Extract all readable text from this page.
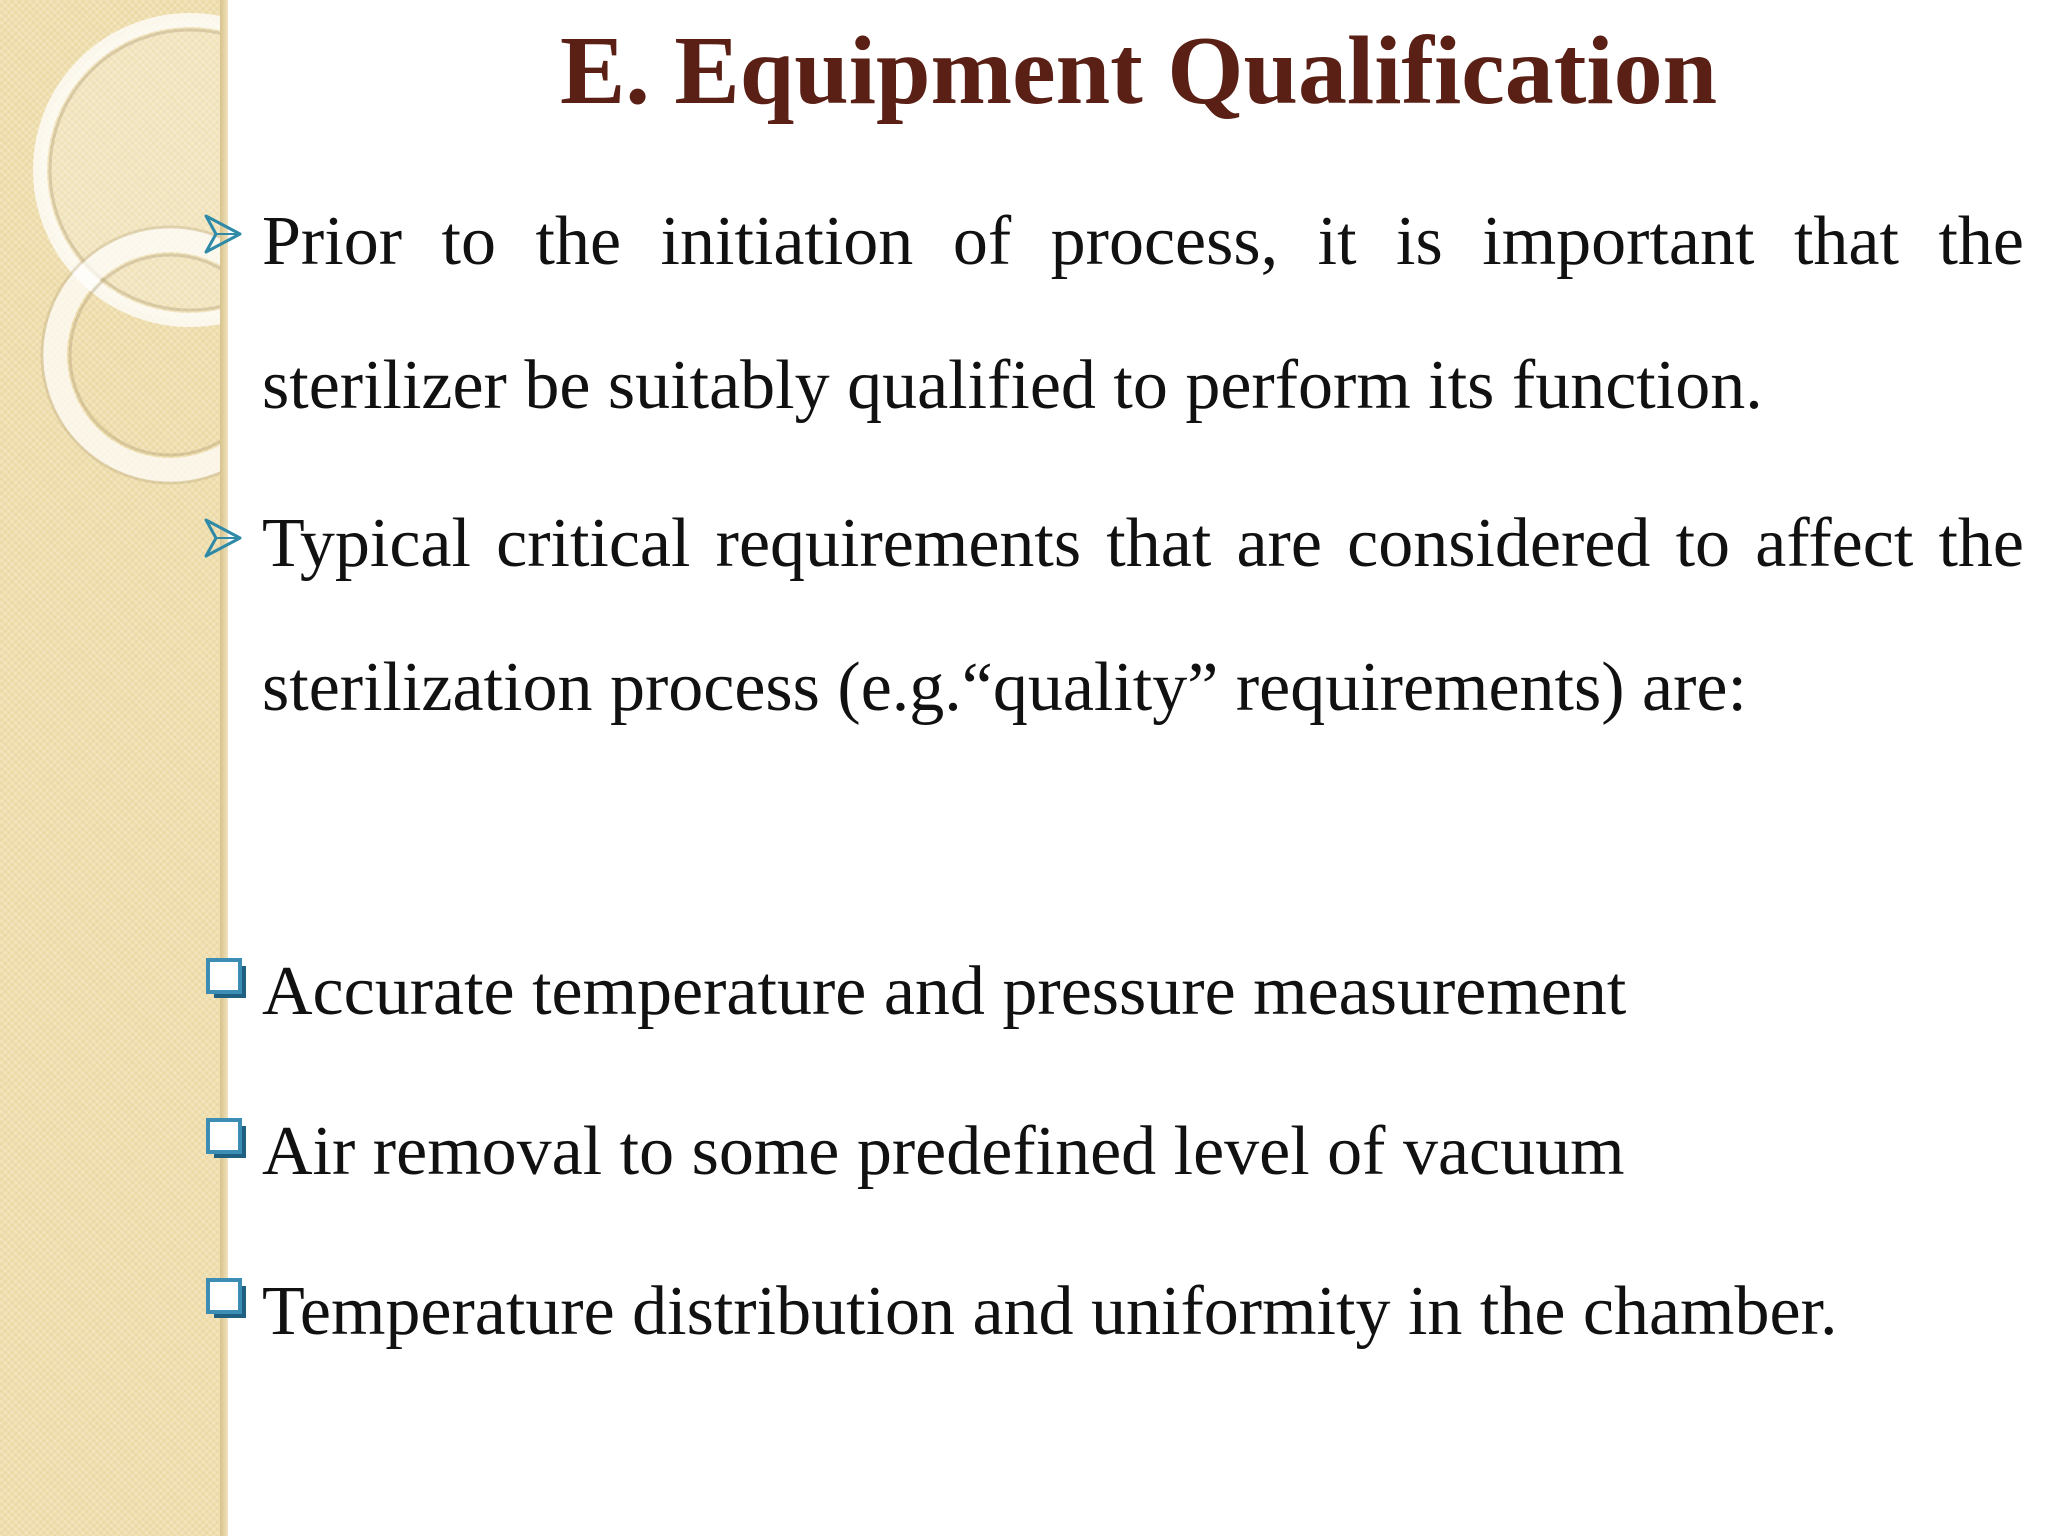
E. Equipment Qualification

Prior to the initiation of process, it is important that the sterilizer be suitably qualified to perform its function.

Typical critical requirements that are considered to affect the sterilization process (e.g.“quality” requirements) are:

Accurate temperature and pressure measurement

Air removal to some predefined level of vacuum

Temperature distribution and uniformity in the chamber.
